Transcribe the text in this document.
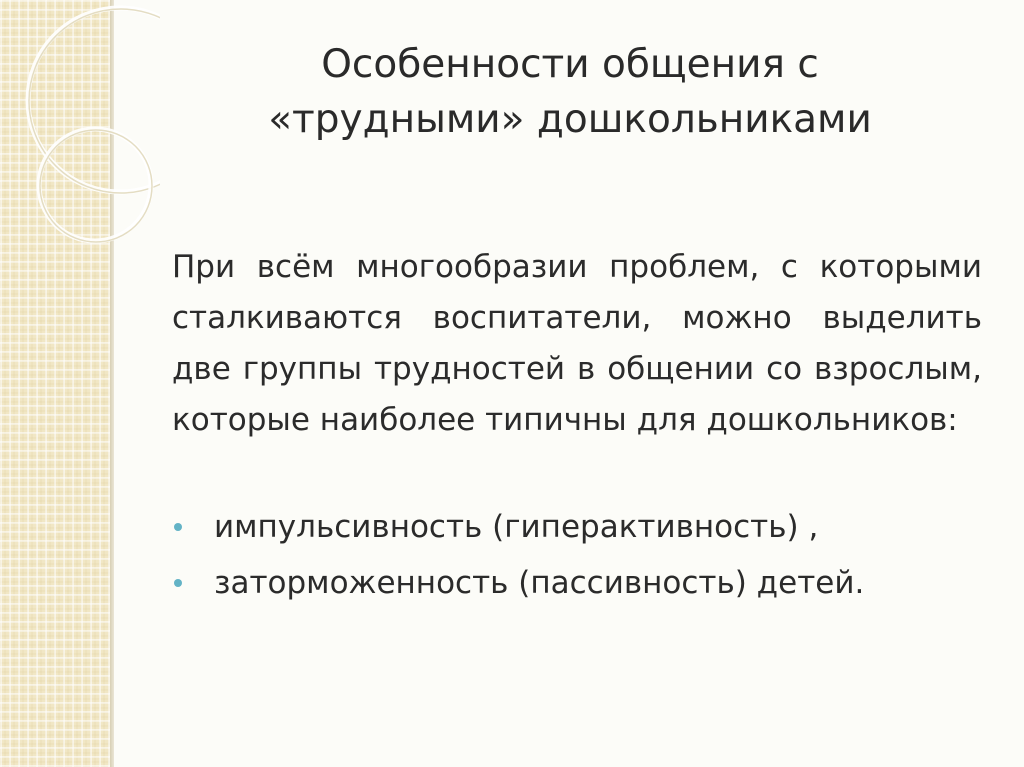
Особенности общения с
«трудными» дошкольниками

При всём многообразии проблем, с которыми сталкиваются воспитатели, можно выделить две группы трудностей в общении со взрослым, которые наиболее типичны для дошкольников:

импульсивность (гиперактивность) ,
заторможенность (пассивность) детей.
